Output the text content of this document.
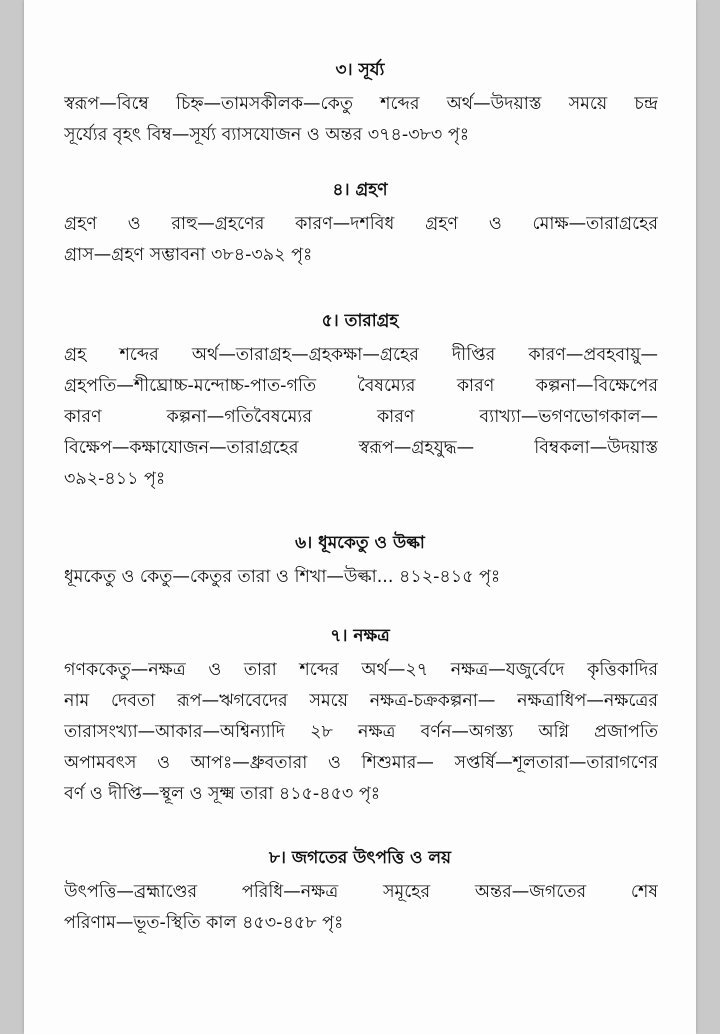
৩। সূর্য্য
স্বরূপ—বিম্বে চিহ্ন—তামসকীলক—কেতু শব্দের অর্থ—উদয়াস্ত সময়ে চন্দ্র
সূর্য্যের বৃহৎ বিম্ব—সূর্য্য ব্যাসযোজন ও অন্তর ৩৭৪-৩৮৩ পৃঃ
৪। গ্রহণ
গ্রহণ ও রাহু—গ্রহণের কারণ—দশবিধ গ্রহণ ও মোক্ষ—তারাগ্রহের
গ্রাস—গ্রহণ সম্ভাবনা ৩৮৪-৩৯২ পৃঃ
৫। তারাগ্রহ
গ্রহ শব্দের অর্থ—তারাগ্রহ—গ্রহকক্ষা—গ্রহের দীপ্তির কারণ—প্রবহবায়ু—
গ্রহপতি—শীঘ্রোচ্চ-মন্দোচ্চ-পাত-গতি বৈষম্যের কারণ কল্পনা—বিক্ষেপের
কারণ কল্পনা—গতিবৈষম্যের কারণ ব্যাখ্যা—ভগণভোগকাল—
বিক্ষেপ—কক্ষাযোজন—তারাগ্রহের স্বরূপ—গ্রহযুদ্ধ— বিম্বকলা—উদয়াস্ত
৩৯২-৪১১ পৃঃ
৬। ধূমকেতু ও উল্কা
ধূমকেতু ও কেতু—কেতুর তারা ও শিখা—উল্কা... ৪১২-৪১৫ পৃঃ
৭। নক্ষত্র
গণককেতু—নক্ষত্র ও তারা শব্দের অর্থ—২৭ নক্ষত্র—যজুর্বেদে কৃত্তিকাদির
নাম দেবতা রূপ—ঋগবেদের সময়ে নক্ষত্র-চক্রকল্পনা— নক্ষত্রাধিপ—নক্ষত্রের
তারাসংখ্যা—আকার—অশ্বিন্যাদি ২৮ নক্ষত্র বর্ণন—অগস্ত্য অগ্নি প্রজাপতি
অপামবৎস ও আপঃ—ধ্রুবতারা ও শিশুমার— সপ্তর্ষি—শূলতারা—তারাগণের
বর্ণ ও দীপ্তি—স্থূল ও সূক্ষ্ম তারা ৪১৫-৪৫৩ পৃঃ
৮। জগতের উৎপত্তি ও লয়
উৎপত্তি—ব্রহ্মাণ্ডের পরিধি—নক্ষত্র সমূহের অন্তর—জগতের শেষ
পরিণাম—ভূত-স্থিতি কাল ৪৫৩-৪৫৮ পৃঃ
